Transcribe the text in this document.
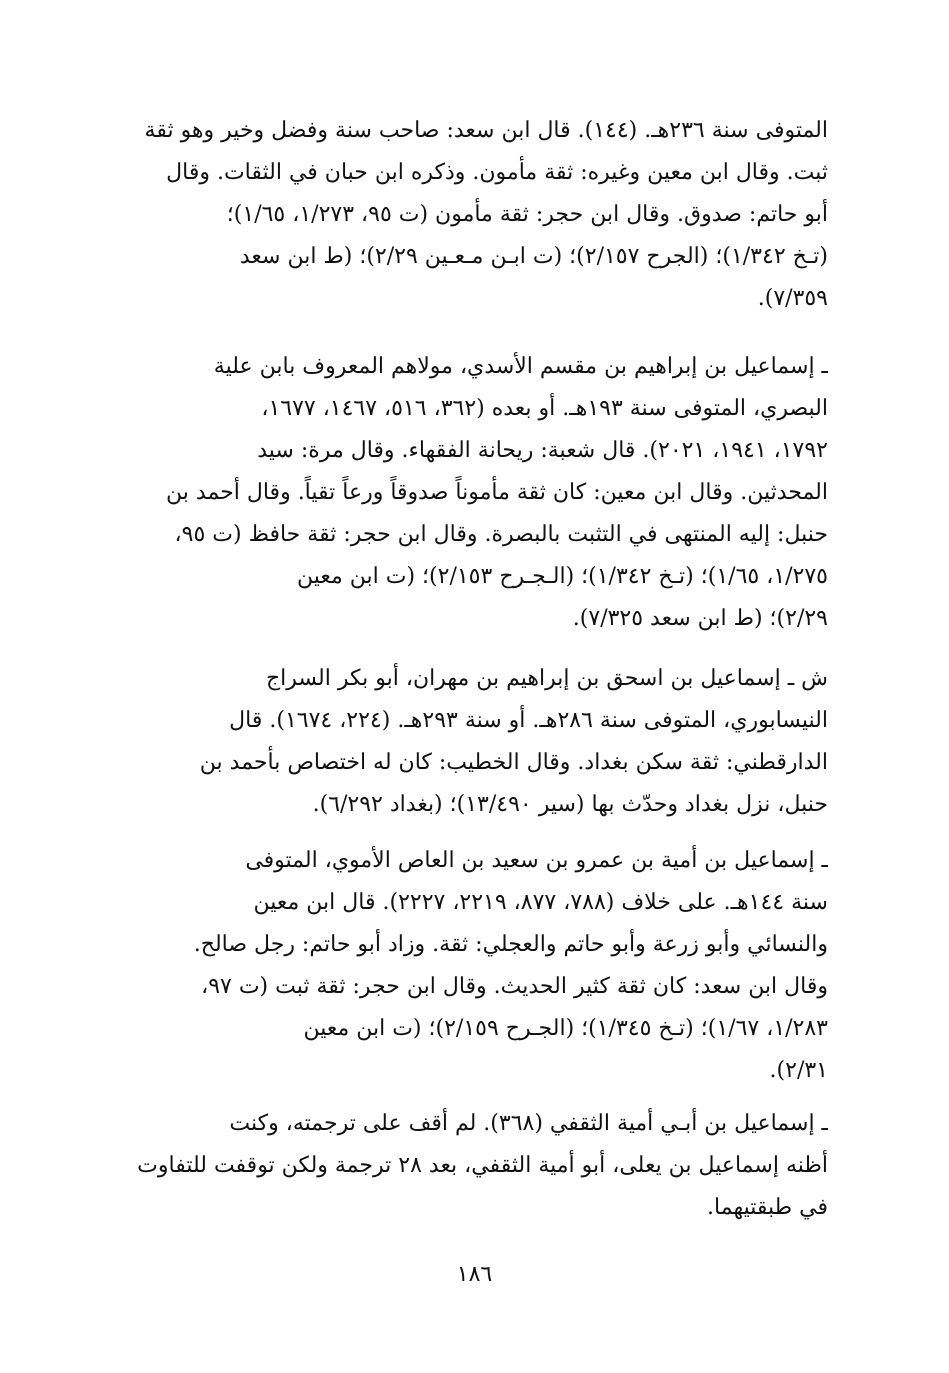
المتوفى سنة ٢٣٦هـ. (١٤٤). قال ابن سعد: صاحب سنة وفضل وخير وهو ثقة
ثبت. وقال ابن معين وغيره: ثقة مأمون. وذكره ابن حبان في الثقات. وقال
أبو حاتم: صدوق. وقال ابن حجر: ثقة مأمون (ت ٩٥، ١/٢٧٣، ١/٦٥)؛
(تـخ ١/٣٤٢)؛ (الجرح ٢/١٥٧)؛ (ت ابـن مـعـين ٢/٢٩)؛ (ط ابن سعد
٧/٣٥٩).
ـ إسماعيل بن إبراهيم بن مقسم الأسدي، مولاهم المعروف بابن علية
البصري، المتوفى سنة ١٩٣هـ. أو بعده (٣٦٢، ٥١٦، ١٤٦٧، ١٦٧٧،
١٧٩٢، ١٩٤١، ٢٠٢١). قال شعبة: ريحانة الفقهاء. وقال مرة: سيد
المحدثين. وقال ابن معين: كان ثقة مأموناً صدوقاً ورعاً تقياً. وقال أحمد بن
حنبل: إليه المنتهى في التثبت بالبصرة. وقال ابن حجر: ثقة حافظ (ت ٩٥،
١/٢٧٥، ١/٦٥)؛ (تـخ ١/٣٤٢)؛ (الـجـرح ٢/١٥٣)؛ (ت ابن معين
٢/٢٩)؛ (ط ابن سعد ٧/٣٢٥).
ش ـ إسماعيل بن اسحق بن إبراهيم بن مهران، أبو بكر السراج
النيسابوري، المتوفى سنة ٢٨٦هـ. أو سنة ٢٩٣هـ. (٢٢٤، ١٦٧٤). قال
الدارقطني: ثقة سكن بغداد. وقال الخطيب: كان له اختصاص بأحمد بن
حنبل، نزل بغداد وحدّث بها (سير ١٣/٤٩٠)؛ (بغداد ٦/٢٩٢).
ـ إسماعيل بن أمية بن عمرو بن سعيد بن العاص الأموي، المتوفى
سنة ١٤٤هـ. على خلاف (٧٨٨، ٨٧٧، ٢٢١٩، ٢٢٢٧). قال ابن معين
والنسائي وأبو زرعة وأبو حاتم والعجلي: ثقة. وزاد أبو حاتم: رجل صالح.
وقال ابن سعد: كان ثقة كثير الحديث. وقال ابن حجر: ثقة ثبت (ت ٩٧،
١/٢٨٣، ١/٦٧)؛ (تـخ ١/٣٤٥)؛ (الجـرح ٢/١٥٩)؛ (ت ابن معين
٢/٣١).
ـ إسماعيل بن أبـي أمية الثقفي (٣٦٨). لم أقف على ترجمته، وكنت
أظنه إسماعيل بن يعلى، أبو أمية الثقفي، بعد ٢٨ ترجمة ولكن توقفت للتفاوت
في طبقتيهما.
١٨٦
